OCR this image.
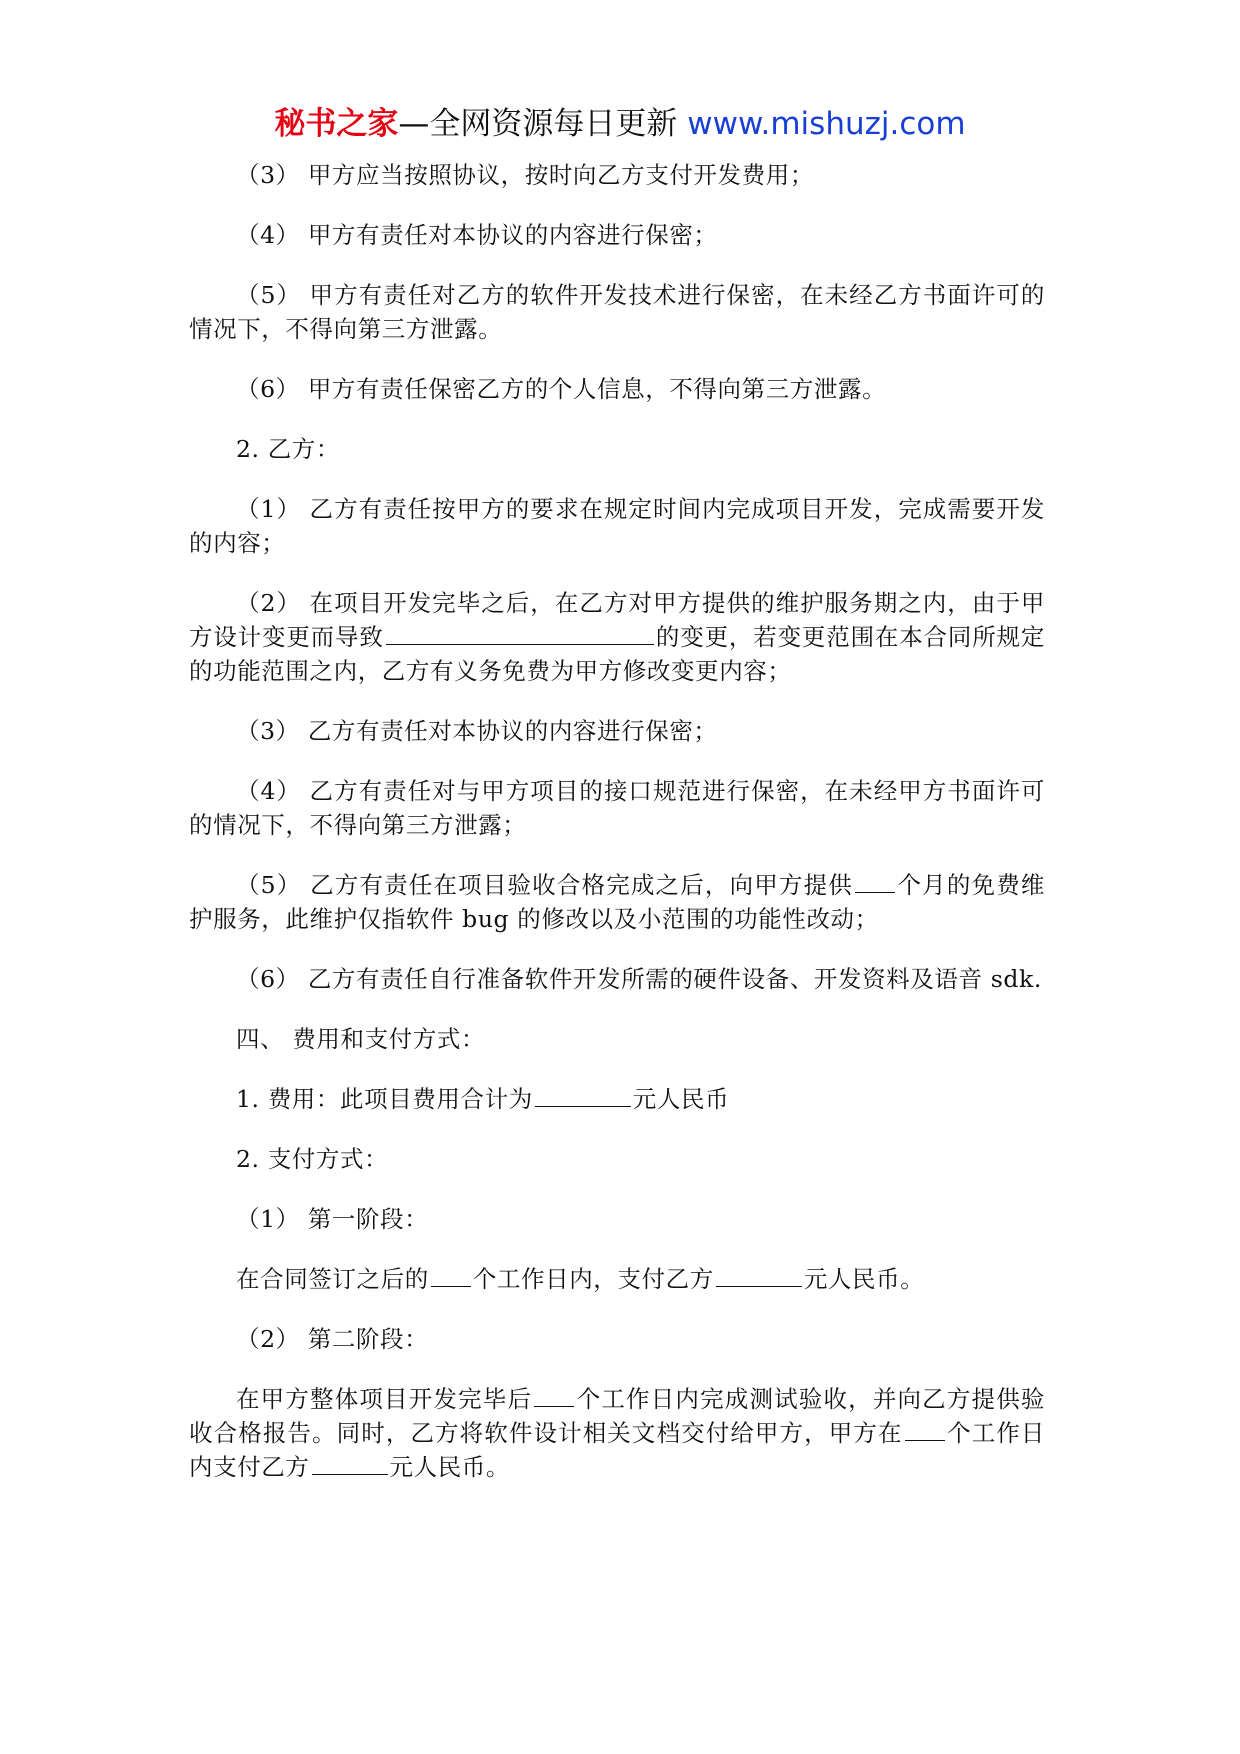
秘书之家—全网资源每日更新 www.mishuzj.com

（3） 甲方应当按照协议，按时向乙方支付开发费用；

（4） 甲方有责任对本协议的内容进行保密；

（5） 甲方有责任对乙方的软件开发技术进行保密，在未经乙方书面许可的情况下，不得向第三方泄露。

（6） 甲方有责任保密乙方的个人信息，不得向第三方泄露。

2. 乙方：

（1） 乙方有责任按甲方的要求在规定时间内完成项目开发，完成需要开发的内容；

（2） 在项目开发完毕之后，在乙方对甲方提供的维护服务期之内，由于甲方设计变更而导致	的变更，若变更范围在本合同所规定的功能范围之内，乙方有义务免费为甲方修改变更内容；

（3） 乙方有责任对本协议的内容进行保密；

（4） 乙方有责任对与甲方项目的接口规范进行保密，在未经甲方书面许可的情况下，不得向第三方泄露；

（5） 乙方有责任在项目验收合格完成之后，向甲方提供 个月的免费维护服务，此维护仅指软件 bug 的修改以及小范围的功能性改动；

（6） 乙方有责任自行准备软件开发所需的硬件设备、开发资料及语音 sdk.

四、 费用和支付方式：

1. 费用：此项目费用合计为	元人民币

2. 支付方式：

（1） 第一阶段：

在合同签订之后的 个工作日内，支付乙方	元人民币。

（2） 第二阶段：

在甲方整体项目开发完毕后 个工作日内完成测试验收，并向乙方提供验收合格报告。同时，乙方将软件设计相关文档交付给甲方，甲方在 个工作日内支付乙方	元人民币。
